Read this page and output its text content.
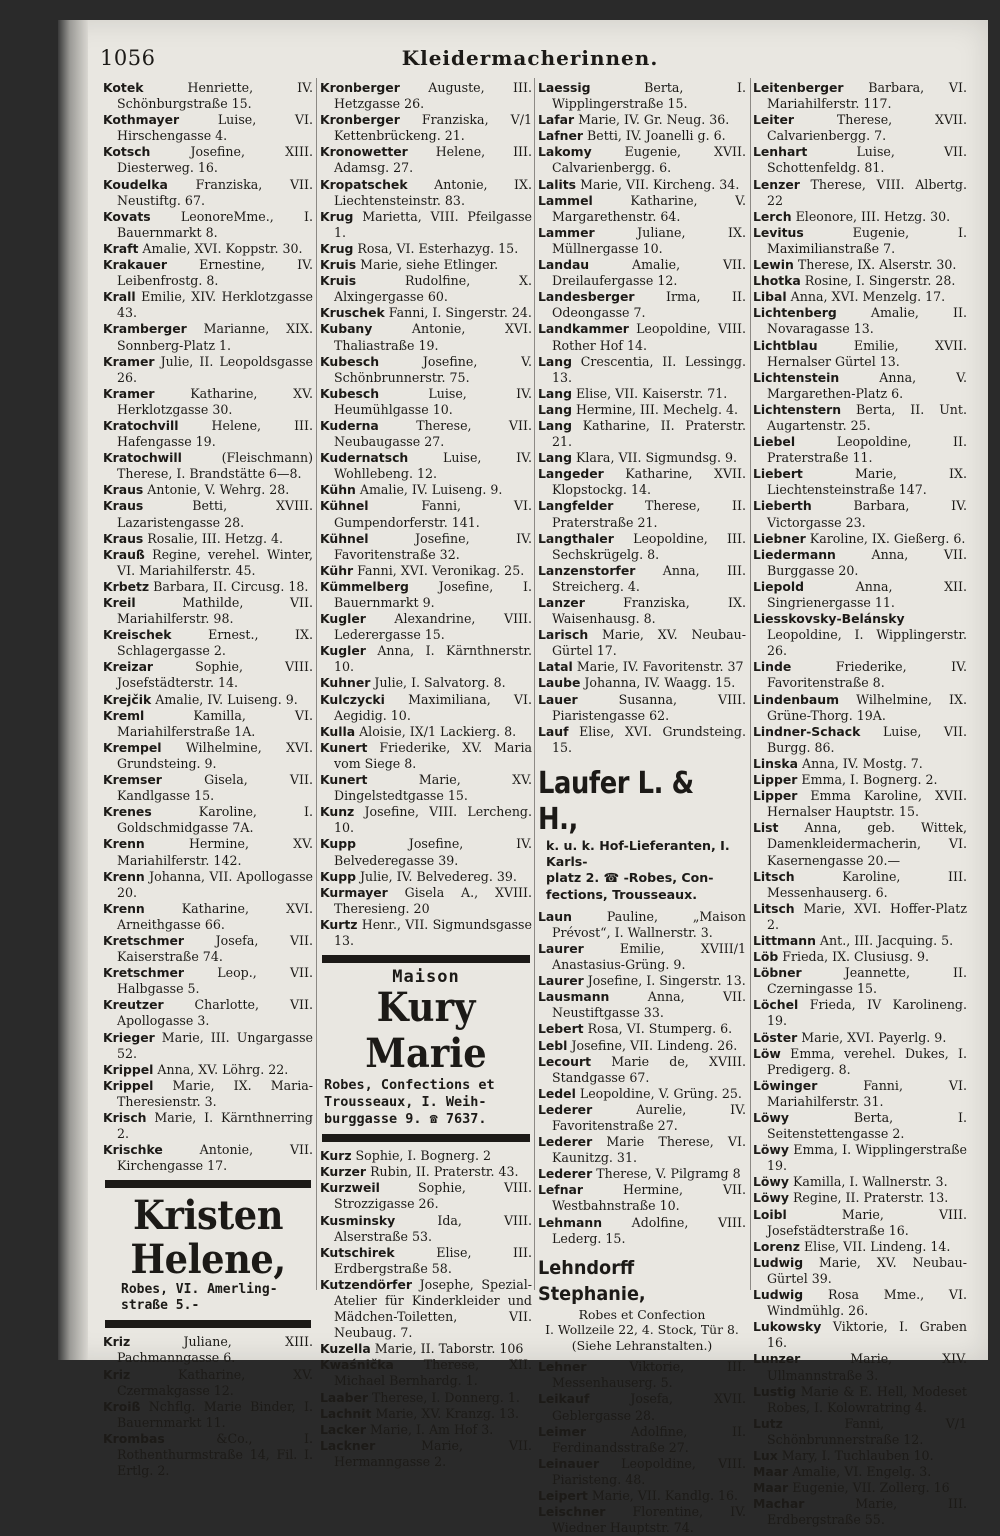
1056	Kleidermacherinnen.

Kotek	Henriette, IV. Schönburgstraße 15.

Kothmayer	Luise, VI. Hirschengasse 4.

Kotsch	Josefine, XIII. Diesterweg. 16.

Koudelka Franziska, VII. Neustiftg. 67.

Kovats LeonoreMme., I. Bauernmarkt 8.

Kraft Amalie, XVI. Koppstr. 30.

Krakauer	Ernestine, IV. Leibenfrostg. 8.

Krall Emilie, XIV. Herklotzgasse 43.

Kramberger Marianne, XIX. Sonnberg-Platz 1.

Kramer Julie, II. Leopoldsgasse 26.

Kramer	Katharine, XV. Herklotzgasse 30.

Kratochvill	Helene, III. Hafengasse 19.

Kratochwill	(Fleischmann) Therese, I. Brandstätte 6—8.

Kraus Antonie, V. Wehrg. 28.

Kraus	Betti, XVIII. Lazaristengasse 28.

Kraus Rosalie, III. Hetzg. 4.

Krauß Regine, verehel. Winter, VI. Mariahilferstr. 45.

Krbetz Barbara, II. Circusg. 18.

Kreil	Mathilde, VII. Mariahilferstr. 98.

Kreischek	Ernest., IX. Schlagergasse 2.

Kreizar	Sophie, VIII. Josefstädterstr. 14.

Krejčik Amalie, IV. Luiseng. 9.

Kreml	Kamilla, VI. Mariahilferstraße 1A.

Krempel Wilhelmine, XVI. Grundsteing. 9.

Kremser	Gisela, VII. Kandlgasse 15.

Krenes	Karoline, I. Goldschmidgasse 7A.

Krenn	Hermine, XV. Mariahilferstr. 142.

Krenn Johanna, VII. Apollogasse 20.

Krenn	Katharine, XVI. Arneithgasse 66.

Kretschmer	Josefa, VII. Kaiserstraße 74.

Kretschmer	Leop., VII. Halbgasse 5.

Kreutzer Charlotte, VII. Apollogasse 3.

Krieger Marie, III. Ungargasse 52.

Krippel Anna, XV. Löhrg. 22.

Krippel Marie, IX. Maria-Theresienstr. 3.

Krisch Marie, I. Kärnthnerring 2.

Krischke	Antonie, VII. Kirchengasse 17.

Kristen Helene,
Robes, VI. Amerling-
straße 5.-

Kriz	Juliane, XIII. Pachmanngasse 6.

Kriz	Katharine, XV. Czermakgasse 12.

Kroiß Nchflg. Marie Binder, I. Bauernmarkt 11.

Krombas	&Co., I. Rothenthurmstraße 14, Fil. I. Ertlg. 2.

Kronberger Auguste, III. Hetzgasse 26.

Kronberger Franziska, V/1 Kettenbrückeng. 21.

Kronowetter Helene, III. Adamsg. 27.

Kropatschek Antonie, IX. Liechtensteinstr. 83.

Krug Marietta, VIII. Pfeilgasse 1.

Krug Rosa, VI. Esterhazyg. 15.

Kruis Marie, siehe Etlinger.

Kruis	Rudolfine, X. Alxingergasse 60.

Kruschek Fanni, I. Singerstr. 24.

Kubany	Antonie, XVI. Thaliastraße 19.

Kubesch	Josefine, V. Schönbrunnerstr. 75.

Kubesch	Luise, IV. Heumühlgasse 10.

Kuderna	Therese, VII. Neubaugasse 27.

Kudernatsch	Luise, IV. Wohllebeng. 12.

Kühn Amalie, IV. Luiseng. 9.

Kühnel	Fanni, VI. Gumpendorferstr. 141.

Kühnel	Josefine, IV. Favoritenstraße 32.

Kühr Fanni, XVI. Veronikag. 25.

Kümmelberg Josefine, I. Bauernmarkt 9.

Kugler Alexandrine, VIII. Lederergasse 15.

Kugler Anna, I. Kärnthnerstr. 10.

Kuhner Julie, I. Salvatorg. 8.

Kulczycki Maximiliana, VI. Aegidig. 10.

Kulla Aloisie, IX/1 Lackierg. 8.

Kunert Friederike, XV. Maria vom Siege 8.

Kunert	Marie, XV. Dingelstedtgasse 15.

Kunz Josefine, VIII. Lercheng. 10.

Kupp	Josefine, IV. Belvederegasse 39.

Kupp Julie, IV. Belvedereg. 39.

Kurmayer Gisela A., XVIII. Theresieng. 20

Kurtz Henr., VII. Sigmundsgasse 13.

Maison
Kury Marie
Robes, Confections et
Trousseaux, I. Weih-
burggasse 9. ☎ 7637.

Kurz Sophie, I. Bognerg. 2

Kurzer Rubin, II. Praterstr. 43.

Kurzweil	Sophie, VIII. Strozzigasse 26.

Kusminsky	Ida, VIII. Alserstraße 53.

Kutschirek	Elise, III. Erdbergstraße 58.

Kutzendörfer Josephe, Spezial-Atelier für Kinderkleider und Mädchen-Toiletten, VII. Neubaug. 7.

Kuzella Marie, II. Taborstr. 106

Kwaśnička Therese, XII. Michael Bernhardg. 1.

Laaber Therese, I. Donnerg. 1.

Lachnit Marie, XV. Kranzg. 13.

Lacker Marie, I. Am Hof 3.

Lackner	Marie, VII. Hermanngasse 2.

Laessig	Berta, I. Wipplingerstraße 15.

Lafar Marie, IV. Gr. Neug. 36.

Lafner Betti, IV. Joanelli g. 6.

Lakomy	Eugenie, XVII. Calvarienbergg. 6.

Lalits Marie, VII. Kircheng. 34.

Lammel	Katharine, V. Margarethenstr. 64.

Lammer	Juliane, IX. Müllnergasse 10.

Landau	Amalie, VII. Dreilaufergasse 12.

Landesberger	Irma, II. Odeongasse 7.

Landkammer Leopoldine, VIII. Rother Hof 14.

Lang Crescentia, II. Lessingg. 13.

Lang Elise, VII. Kaiserstr. 71.

Lang Hermine, III. Mechelg. 4.

Lang Katharine, II. Praterstr. 21.

Lang Klara, VII. Sigmundsg. 9.

Langeder Katharine, XVII. Klopstockg. 14.

Langfelder	Therese, II. Praterstraße 21.

Langthaler Leopoldine, III. Sechskrügelg. 8.

Lanzenstorfer Anna, III. Streicherg. 4.

Lanzer	Franziska, IX. Waisenhausg. 8.

Larisch Marie, XV. Neubau-Gürtel 17.

Latal Marie, IV. Favoritenstr. 37

Laube Johanna, IV. Waagg. 15.

Lauer	Susanna, VIII. Piaristengasse 62.

Lauf Elise, XVI. Grundsteing. 15.

Laufer L. & H.,
k. u. k. Hof-Lieferanten, I. Karls-
platz 2. ☎ -Robes, Con-
fections, Trousseaux.

Laun	Pauline, „Maison Prévost“, I. Wallnerstr. 3.

Laurer	Emilie, XVIII/1 Anastasius-Grüng. 9.

Laurer Josefine, I. Singerstr. 13.

Lausmann	Anna, VII. Neustiftgasse 33.

Lebert Rosa, VI. Stumperg. 6.

Lebl Josefine, VII. Lindeng. 26.

Lecourt Marie de, XVIII. Standgasse 67.

Ledel Leopoldine, V. Grüng. 25.

Lederer	Aurelie, IV. Favoritenstraße 27.

Lederer Marie Therese, VI. Kaunitzg. 31.

Lederer Therese, V. Pilgramg 8

Lefnar	Hermine, VII. Westbahnstraße 10.

Lehmann Adolfine, VIII. Lederg. 15.

Lehndorff Stephanie,
Robes et Confection
I. Wollzeile 22, 4. Stock, Tür 8.
(Siehe Lehranstalten.)

Lehner	Viktorie, III. Messenhauserg. 5.

Leikauf	Josefa, XVII. Geblergasse 28.

Leimer	Adolfine, II. Ferdinandsstraße 27.

Leinauer Leopoldine, VIII. Piaristeng. 48.

Leipert Marie, VII. Kandlg. 16.

Leischner Florentine, IV. Wiedner Hauptstr. 74.

Leitenberger Barbara, VI. Mariahilferstr. 117.

Leiter	Therese, XVII. Calvarienbergg. 7.

Lenhart	Luise, VII. Schottenfeldg. 81.

Lenzer Therese, VIII. Albertg. 22

Lerch Eleonore, III. Hetzg. 30.

Levitus	Eugenie, I. Maximilianstraße 7.

Lewin Therese, IX. Alserstr. 30.

Lhotka Rosine, I. Singerstr. 28.

Libal Anna, XVI. Menzelg. 17.

Lichtenberg	Amalie, II. Novaragasse 13.

Lichtblau	Emilie, XVII. Hernalser Gürtel 13.

Lichtenstein	Anna, V. Margarethen-Platz 6.

Lichtenstern Berta, II. Unt. Augartenstr. 25.

Liebel	Leopoldine, II. Praterstraße 11.

Liebert	Marie, IX. Liechtensteinstraße 147.

Lieberth	Barbara, IV. Victorgasse 23.

Liebner Karoline, IX. Gießerg. 6.

Liedermann	Anna, VII. Burggasse 20.

Liepold	Anna, XII. Singrienergasse 11.

Liesskovsky-Belánsky Leopoldine, I. Wipplingerstr. 26.

Linde	Friederike, IV. Favoritenstraße 8.

Lindenbaum Wilhelmine, IX. Grüne-Thorg. 19A.

Lindner-Schack Luise, VII. Burgg. 86.

Linska Anna, IV. Mostg. 7.

Lipper Emma, I. Bognerg. 2.

Lipper Emma Karoline, XVII. Hernalser Hauptstr. 15.

List Anna, geb. Wittek, Damenkleidermacherin, VI. Kasernengasse 20.—

Litsch	Karoline, III. Messenhauserg. 6.

Litsch Marie, XVI. Hoffer-Platz 2.

Littmann Ant., III. Jacquing. 5.

Löb Frieda, IX. Clusiusg. 9.

Löbner	Jeannette, II. Czerningasse 15.

Löchel Frieda, IV Karolineng. 19.

Löster Marie, XVI. Payerlg. 9.

Löw Emma, verehel. Dukes, I. Predigerg. 8.

Löwinger	Fanni, VI. Mariahilferstr. 31.

Löwy	Berta, I. Seitenstettengasse 2.

Löwy Emma, I. Wipplingerstraße 19.

Löwy Kamilla, I. Wallnerstr. 3.

Löwy Regine, II. Praterstr. 13.

Loibl	Marie, VIII. Josefstädterstraße 16.

Lorenz Elise, VII. Lindeng. 14.

Ludwig Marie, XV. Neubau-Gürtel 39.

Ludwig Rosa Mme., VI. Windmühlg. 26.

Lukowsky Viktorie, I. Graben 16.

Lunzer	Marie, XIV. Ullmannstraße 3.

Lustig Marie & E. Hell, Modeset Robes, I. Kolowratring 4.

Lutz	Fanni, V/1 Schönbrunnerstraße 12.

Lux Mary, I. Tuchlauben 10.

Maar Amalie, VI. Engelg. 3.

Maar Eugenie, VII. Zollerg. 16

Machar	Marie, III. Erdbergstraße 55.
